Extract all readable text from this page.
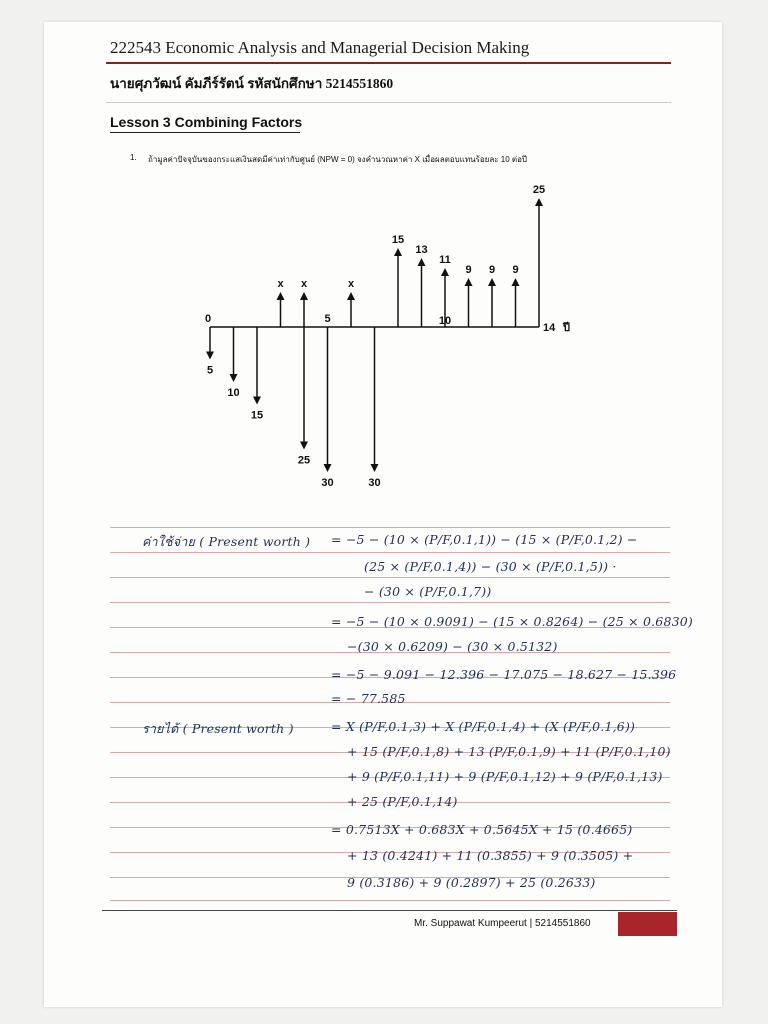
222543 Economic Analysis and Managerial Decision Making
นายศุภวัฒน์ คัมภีร์รัตน์ รหัสนักศึกษา 5214551860
Lesson 3 Combining Factors
1. ถ้ามูลค่าปัจจุบันของกระแสเงินสดมีค่าเท่ากับศูนย์ (NPW = 0) จงคำนวณหาค่า X เมื่อผลตอบแทนร้อยละ 10 ต่อปี
x x	x
15
13
11
9 9 9
25
5
10
15
25
30	30
0	5	10
14 ปี
ค่าใช้จ่าย ( Present worth ) = −5 − (10 × (P/F,0.1,1)) − (15 × (P/F,0.1,2) −
(25 × (P/F,0.1,4)) − (30 × (P/F,0.1,5)) ·
− (30 × (P/F,0.1,7))
= −5 − (10 × 0.9091) − (15 × 0.8264) − (25 × 0.6830)
−(30 × 0.6209) − (30 × 0.5132)
= −5 − 9.091 − 12.396 − 17.075 − 18.627 − 15.396
= − 77.585
รายได้ ( Present worth )	= X (P/F,0.1,3) + X (P/F,0.1,4) + (X (P/F,0.1,6))
+ 15 (P/F,0.1,8) + 13 (P/F,0.1,9) + 11 (P/F,0.1,10)
+ 9 (P/F,0.1,11) + 9 (P/F,0.1,12) + 9 (P/F,0.1,13)
+ 25 (P/F,0.1,14)
= 0.7513X + 0.683X + 0.5645X + 15 (0.4665)
+ 13 (0.4241) + 11 (0.3855) + 9 (0.3505) +
9 (0.3186) + 9 (0.2897) + 25 (0.2633)
Mr. Suppawat Kumpeerut | 5214551860
